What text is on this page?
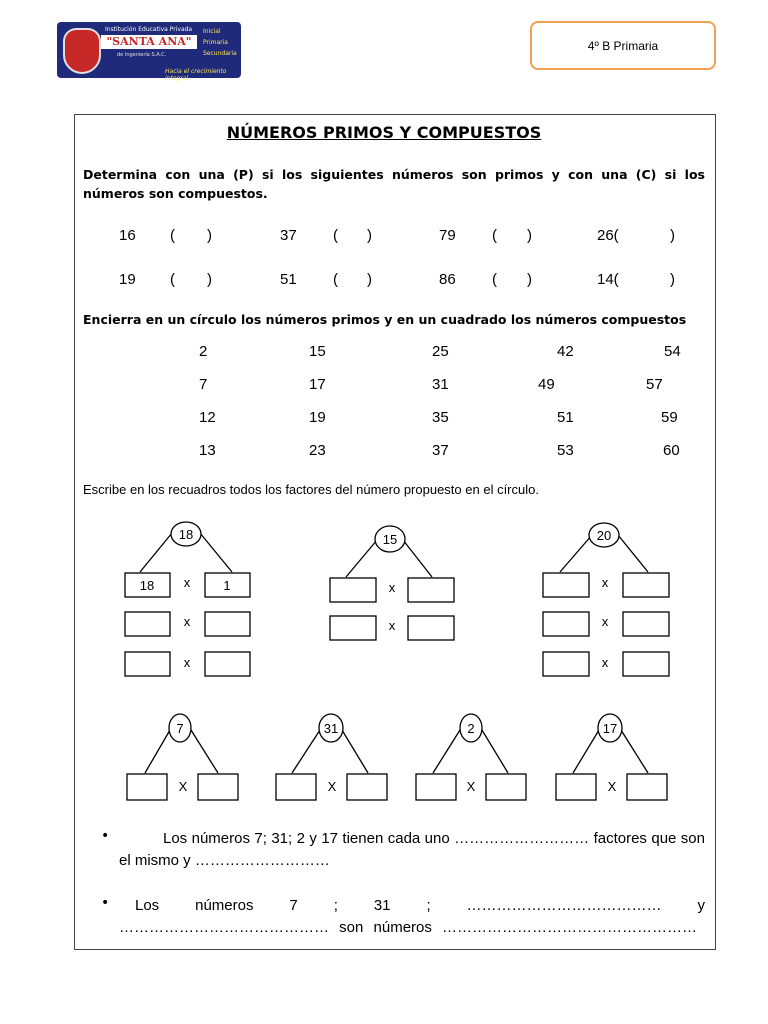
Institución Educativa Privada
"SANTA ANA"
de Ingeniería S.A.C.
Inicial
Primaria
Secundaria
Hacia el crecimiento integral
4º B Primaria
NÚMEROS PRIMOS Y COMPUESTOS
Determina con una (P) si los siguientes números son primos y con una (C) si los números son compuestos.
16 ( )	37 ( )	79 ( )	26(	)
19 ( )	51 ( )	86 ( )	14(	)
Encierra en un círculo los números primos y en un cuadrado los números compuestos
2	15	25	42	54
7	17	31	49	57
12	19	35	51	59
13	23	37	53	60
Escribe en los recuadros todos los factores del número propuesto en el círculo.
18	15	20
7	31	2	17
18	1
x
x
x
x
x
x
x
x
X	X	X	X
•	Los números 7; 31; 2 y 17 tienen cada uno ……………………… factores que son el mismo y ………………………
•	Los números 7 ; 31 ; ………………………………… y …………………………………… son números ……………………………………………
